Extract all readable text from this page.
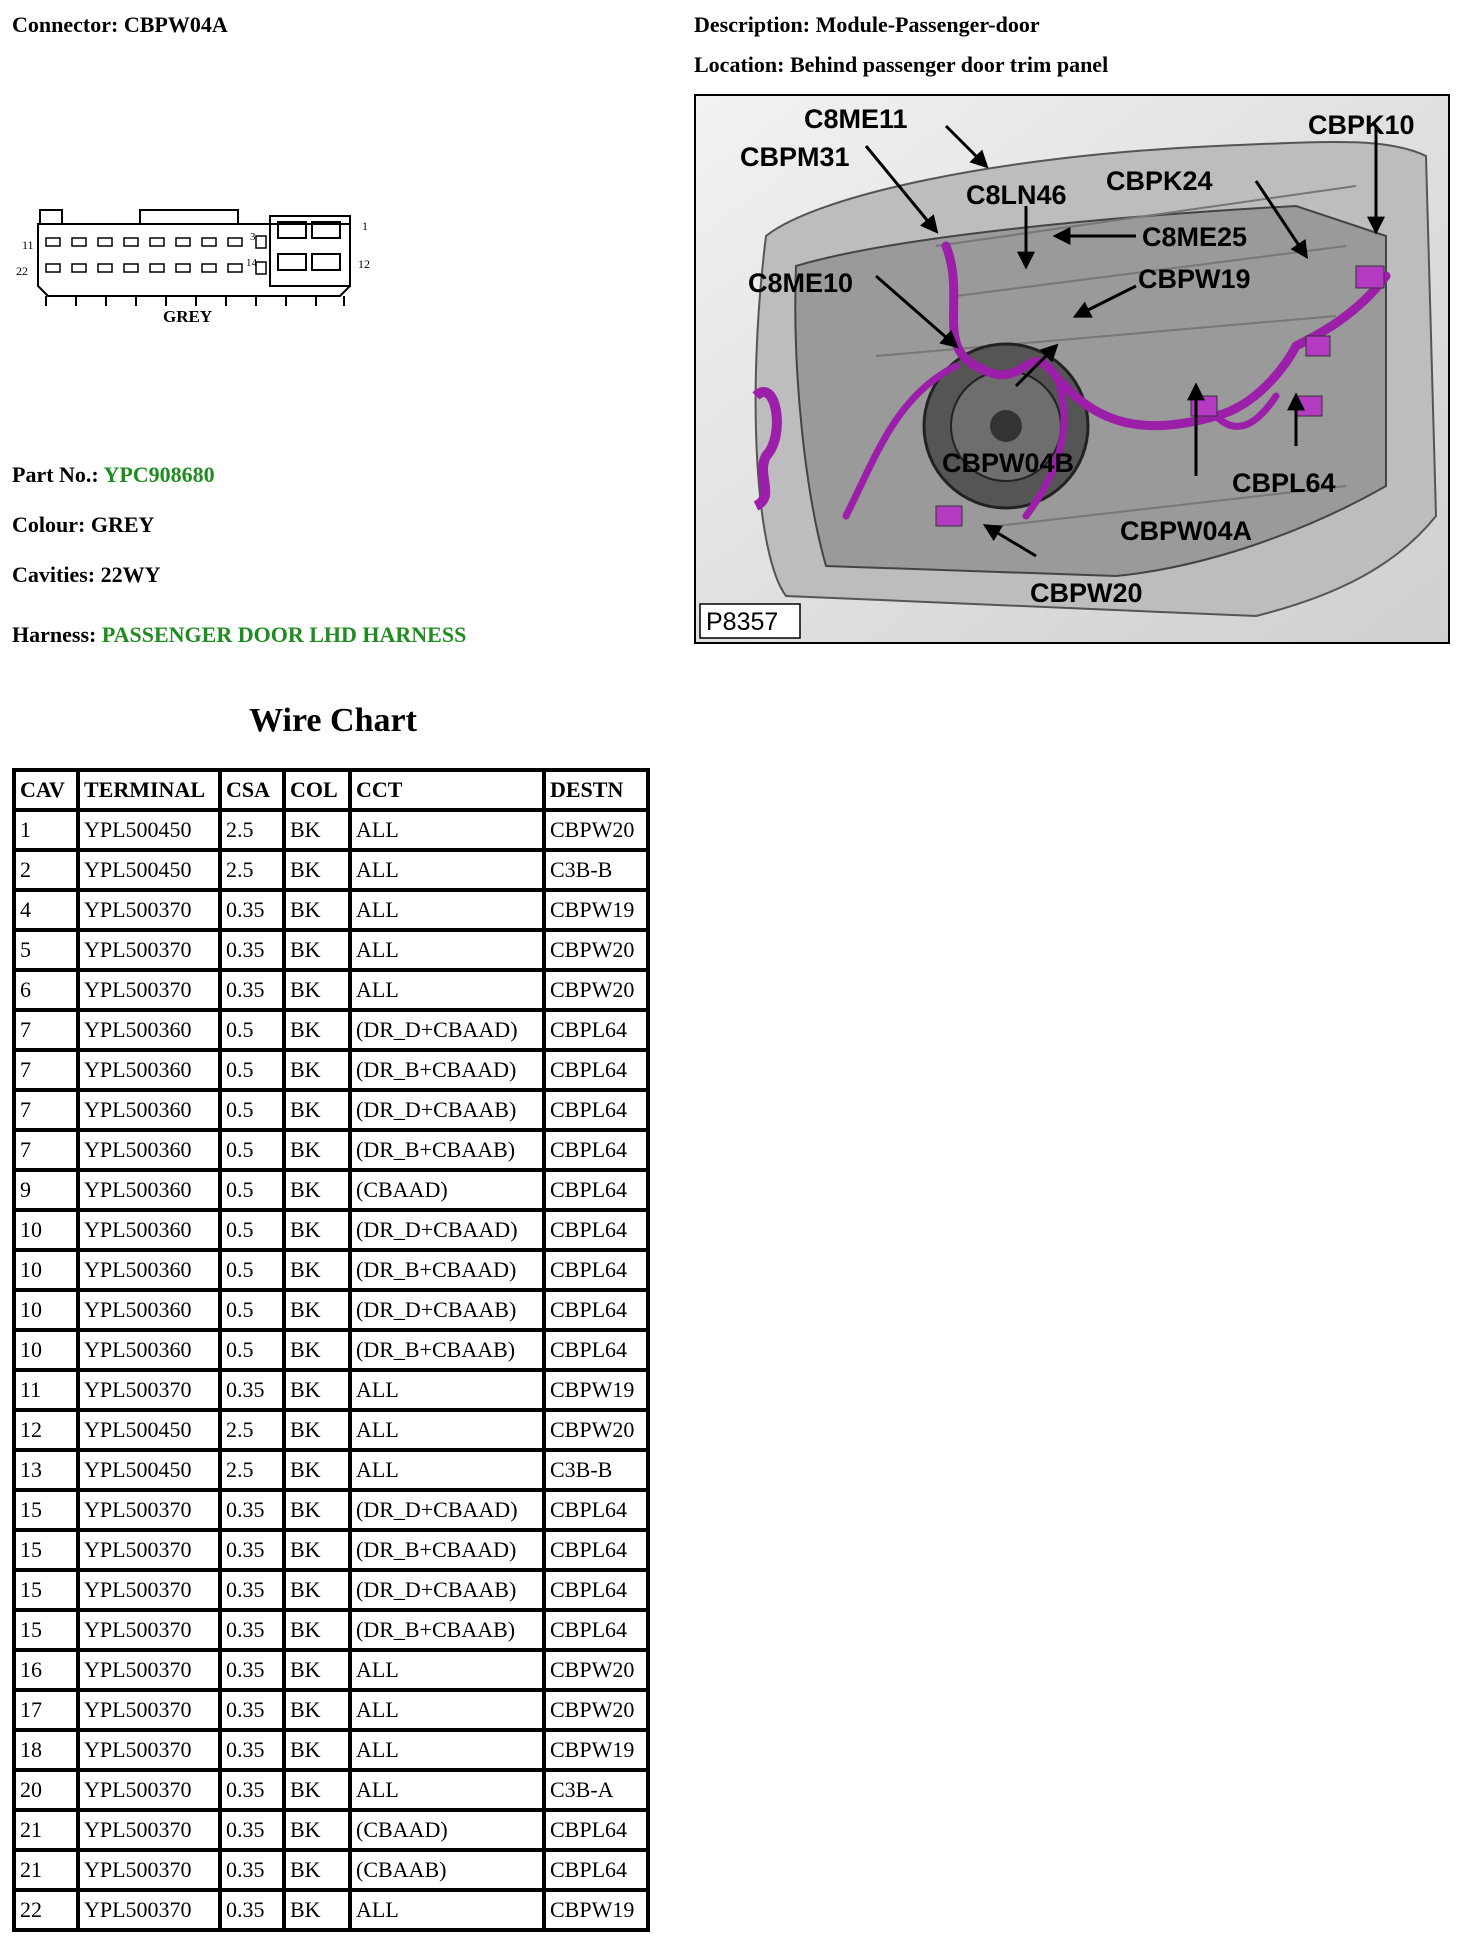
Connector: CBPW04A	Description: Module-Passenger-door
Location: Behind passenger door trim panel
11
22
3
14
1
12
GREY
C8ME11
CBPM31
C8LN46 CBPK24
CBPK10
C8ME25
C8ME10	CBPW19
CBPW04B
CBPL64
CBPW04A
CBPW20
P8357
Part No.: YPC908680
Colour: GREY
Cavities: 22WY
Harness: PASSENGER DOOR LHD HARNESS
Wire Chart
CAV	TERMINAL	CSA	COL	CCT	DESTN
1	YPL500450	2.5	BK	ALL	CBPW20
2	YPL500450	2.5	BK	ALL	C3B-B
4	YPL500370	0.35	BK	ALL	CBPW19
5	YPL500370	0.35	BK	ALL	CBPW20
6	YPL500370	0.35	BK	ALL	CBPW20
7	YPL500360	0.5	BK	(DR_D+CBAAD)	CBPL64
7	YPL500360	0.5	BK	(DR_B+CBAAD)	CBPL64
7	YPL500360	0.5	BK	(DR_D+CBAAB)	CBPL64
7	YPL500360	0.5	BK	(DR_B+CBAAB)	CBPL64
9	YPL500360	0.5	BK	(CBAAD)	CBPL64
10	YPL500360	0.5	BK	(DR_D+CBAAD)	CBPL64
10	YPL500360	0.5	BK	(DR_B+CBAAD)	CBPL64
10	YPL500360	0.5	BK	(DR_D+CBAAB)	CBPL64
10	YPL500360	0.5	BK	(DR_B+CBAAB)	CBPL64
11	YPL500370	0.35	BK	ALL	CBPW19
12	YPL500450	2.5	BK	ALL	CBPW20
13	YPL500450	2.5	BK	ALL	C3B-B
15	YPL500370	0.35	BK	(DR_D+CBAAD)	CBPL64
15	YPL500370	0.35	BK	(DR_B+CBAAD)	CBPL64
15	YPL500370	0.35	BK	(DR_D+CBAAB)	CBPL64
15	YPL500370	0.35	BK	(DR_B+CBAAB)	CBPL64
16	YPL500370	0.35	BK	ALL	CBPW20
17	YPL500370	0.35	BK	ALL	CBPW20
18	YPL500370	0.35	BK	ALL	CBPW19
20	YPL500370	0.35	BK	ALL	C3B-A
21	YPL500370	0.35	BK	(CBAAD)	CBPL64
21	YPL500370	0.35	BK	(CBAAB)	CBPL64
22	YPL500370	0.35	BK	ALL	CBPW19
